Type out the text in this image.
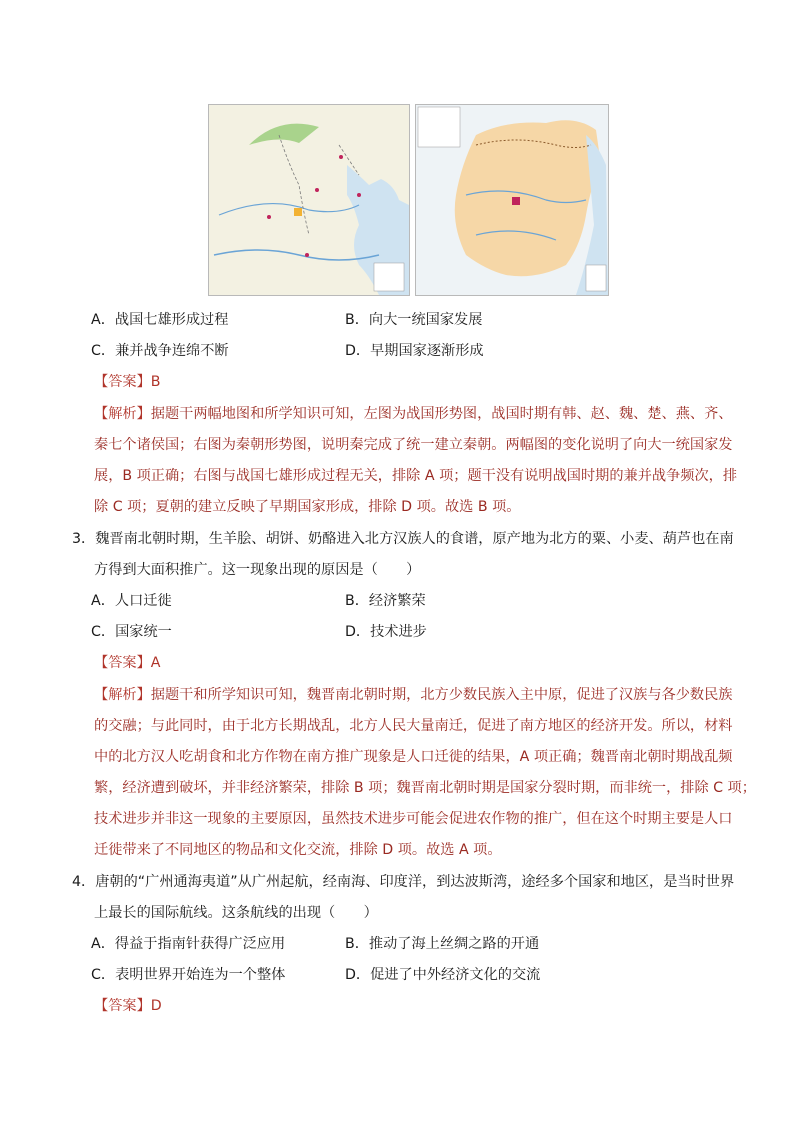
A．战国七雄形成过程	B．向大一统国家发展
C．兼并战争连绵不断	D．早期国家逐渐形成
【答案】B
【解析】据题干两幅地图和所学知识可知，左图为战国形势图，战国时期有韩、赵、魏、楚、燕、齐、
秦七个诸侯国；右图为秦朝形势图，说明秦完成了统一建立秦朝。两幅图的变化说明了向大一统国家发
展，B 项正确；右图与战国七雄形成过程无关，排除 A 项；题干没有说明战国时期的兼并战争频次，排
除 C 项；夏朝的建立反映了早期国家形成，排除 D 项。故选 B 项。
3．魏晋南北朝时期，生羊脍、胡饼、奶酪进入北方汉族人的食谱，原产地为北方的粟、小麦、葫芦也在南
方得到大面积推广。这一现象出现的原因是（　　）
A．人口迁徙	B．经济繁荣
C．国家统一	D．技术进步
【答案】A
【解析】据题干和所学知识可知，魏晋南北朝时期，北方少数民族入主中原，促进了汉族与各少数民族
的交融；与此同时，由于北方长期战乱，北方人民大量南迁，促进了南方地区的经济开发。所以，材料
中的北方汉人吃胡食和北方作物在南方推广现象是人口迁徙的结果，A 项正确；魏晋南北朝时期战乱频
繁，经济遭到破坏，并非经济繁荣，排除 B 项；魏晋南北朝时期是国家分裂时期，而非统一，排除 C 项；
技术进步并非这一现象的主要原因，虽然技术进步可能会促进农作物的推广，但在这个时期主要是人口
迁徙带来了不同地区的物品和文化交流，排除 D 项。故选 A 项。
4．唐朝的“广州通海夷道”从广州起航，经南海、印度洋，到达波斯湾，途经多个国家和地区，是当时世界
上最长的国际航线。这条航线的出现（　　）
A．得益于指南针获得广泛应用	B．推动了海上丝绸之路的开通
C．表明世界开始连为一个整体	D．促进了中外经济文化的交流
【答案】D
